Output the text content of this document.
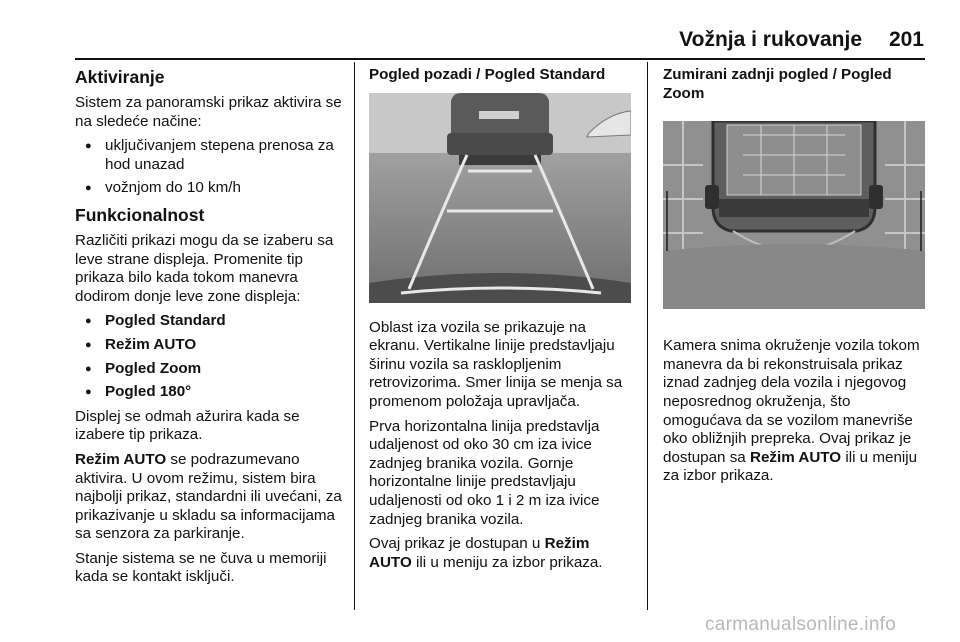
Vožnja i rukovanje	201
Aktiviranje

Sistem za panoramski prikaz aktivira se na sledeće načine:

● uključivanjem stepena prenosa za hod unazad
● vožnjom do 10 km/h
Funkcionalnost

Različiti prikazi mogu da se izaberu sa leve strane displeja. Promenite tip prikaza bilo kada tokom manevra dodirom donje leve zone displeja:

● Pogled Standard
● Režim AUTO
● Pogled Zoom
● Pogled 180°

Displej se odmah ažurira kada se izabere tip prikaza.

Režim AUTO se podrazumevano aktivira. U ovom režimu, sistem bira najbolji prikaz, standardni ili uvećani, za prikazivanje u skladu sa informacijama sa senzora za parkiranje.

Stanje sistema se ne čuva u memoriji kada se kontakt isključi.

Pogled pozadi / Pogled Standard

Oblast iza vozila se prikazuje na ekranu. Vertikalne linije predstavljaju širinu vozila sa rasklopljenim retrovizorima. Smer linija se menja sa promenom položaja upravljača.

Prva horizontalna linija predstavlja udaljenost od oko 30 cm iza ivice zadnjeg branika vozila. Gornje horizontalne linije predstavljaju udaljenosti od oko 1 i 2 m iza ivice zadnjeg branika vozila.

Ovaj prikaz je dostupan u Režim AUTO ili u meniju za izbor prikaza.

Zumirani zadnji pogled / Pogled Zoom

Kamera snima okruženje vozila tokom manevra da bi rekonstruisala prikaz iznad zadnjeg dela vozila i njegovog neposrednog okruženja, što omogućava da se vozilom manevriše oko obližnjih prepreka. Ovaj prikaz je dostupan sa Režim AUTO ili u meniju za izbor prikaza.

carmanualsonline.info
